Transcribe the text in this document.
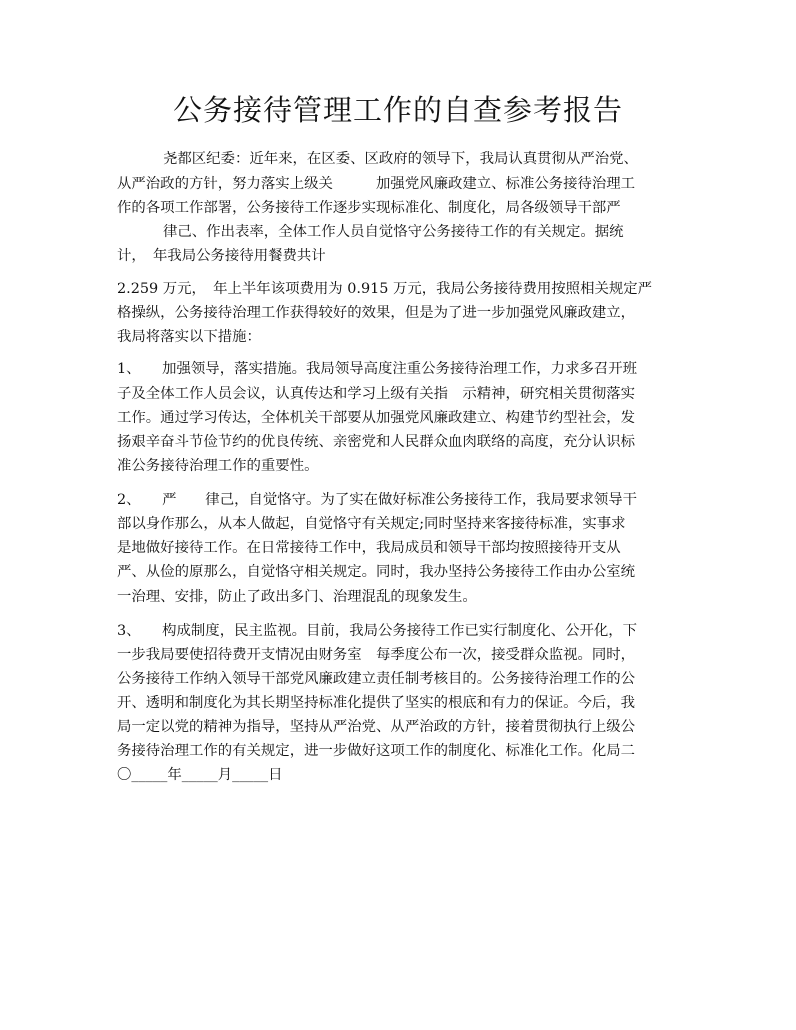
公务接待管理工作的自查参考报告

尧都区纪委：近年来，在区委、区政府的领导下，我局认真贯彻从严治党、

从严治政的方针，努力落实上级关　　　加强党风廉政建立、标准公务接待治理工

作的各项工作部署，公务接待工作逐步实现标准化、制度化，局各级领导干部严

律己、作出表率，全体工作人员自觉恪守公务接待工作的有关规定。据统

计，　年我局公务接待用餐费共计

2.259 万元，　年上半年该项费用为 0.915 万元，我局公务接待费用按照相关规定严

格操纵，公务接待治理工作获得较好的效果，但是为了进一步加强党风廉政建立，

我局将落实以下措施：

1、　　加强领导，落实措施。我局领导高度注重公务接待治理工作，力求多召开班

子及全体工作人员会议，认真传达和学习上级有关指　示精神，研究相关贯彻落实

工作。通过学习传达，全体机关干部要从加强党风廉政建立、构建节约型社会，发

扬艰辛奋斗节俭节约的优良传统、亲密党和人民群众血肉联络的高度，充分认识标

准公务接待治理工作的重要性。

2、　　严　　律己，自觉恪守。为了实在做好标准公务接待工作，我局要求领导干

部以身作那么，从本人做起，自觉恪守有关规定;同时坚持来客接待标准，实事求

是地做好接待工作。在日常接待工作中，我局成员和领导干部均按照接待开支从

严、从俭的原那么，自觉恪守相关规定。同时，我办坚持公务接待工作由办公室统

一治理、安排，防止了政出多门、治理混乱的现象发生。

3、　　构成制度，民主监视。目前，我局公务接待工作已实行制度化、公开化，下

一步我局要使招待费开支情况由财务室　每季度公布一次，接受群众监视。同时，

公务接待工作纳入领导干部党风廉政建立责任制考核目的。公务接待治理工作的公

开、透明和制度化为其长期坚持标准化提供了坚实的根底和有力的保证。今后，我

局一定以党的精神为指导，坚持从严治党、从严治政的方针，接着贯彻执行上级公

务接待治理工作的有关规定，进一步做好这项工作的制度化、标准化工作。化局二

〇_____年_____月_____日
